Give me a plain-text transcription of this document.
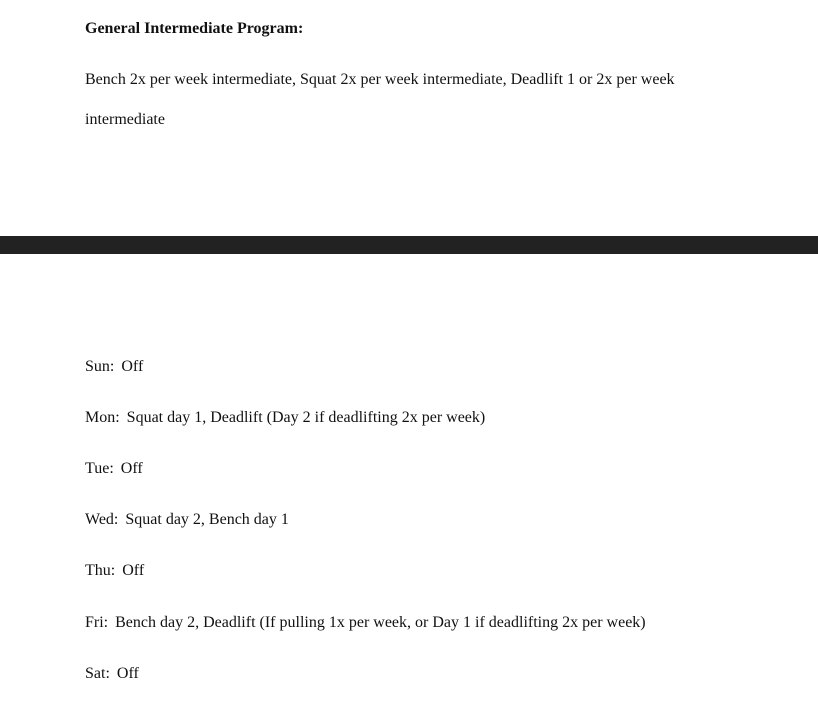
General Intermediate Program:
Bench 2x per week intermediate, Squat 2x per week intermediate, Deadlift 1 or 2x per week
intermediate
Sun: Off
Mon: Squat day 1, Deadlift (Day 2 if deadlifting 2x per week)
Tue: Off
Wed: Squat day 2, Bench day 1
Thu: Off
Fri: Bench day 2, Deadlift (If pulling 1x per week, or Day 1 if deadlifting 2x per week)
Sat: Off
